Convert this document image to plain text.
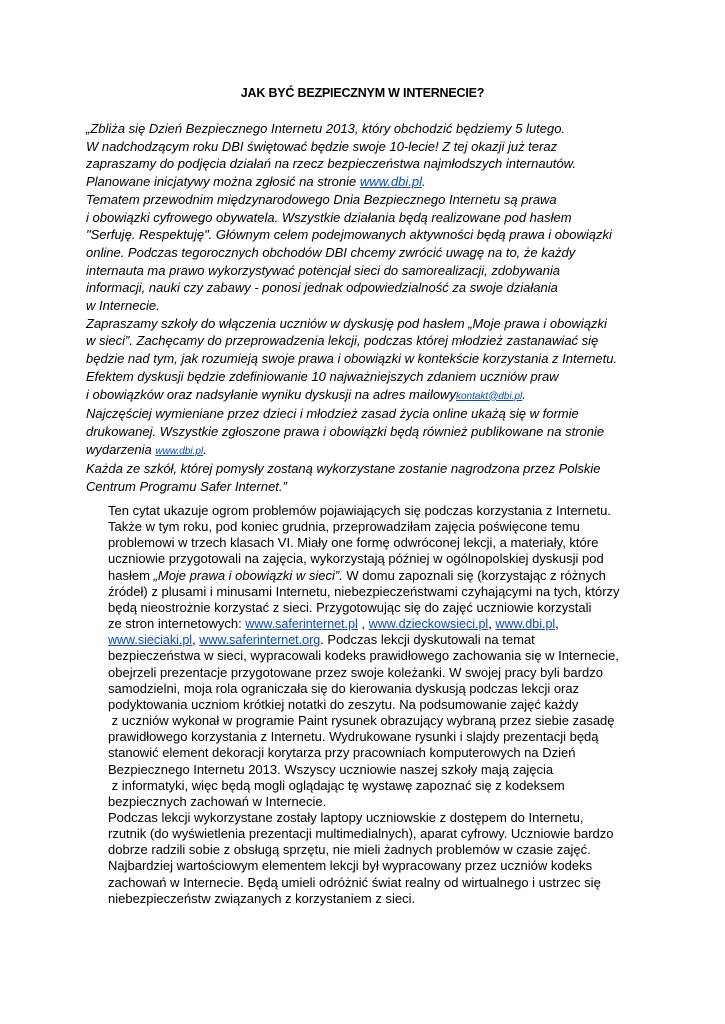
JAK BYĆ BEZPIECZNYM W INTERNECIE?
„Zbliża się Dzień Bezpiecznego Internetu 2013, który obchodzić będziemy 5 lutego.
W nadchodzącym roku DBI świętować będzie swoje 10-lecie! Z tej okazji już teraz
zapraszamy do podjęcia działań na rzecz bezpieczeństwa najmłodszych internautów.
Planowane inicjatywy można zgłosić na stronie www.dbi.pl.
Tematem przewodnim międzynarodowego Dnia Bezpiecznego Internetu są prawa
i obowiązki cyfrowego obywatela. Wszystkie działania będą realizowane pod hasłem
"Serfuję. Respektuję". Głównym celem podejmowanych aktywności będą prawa i obowiązki
online. Podczas tegorocznych obchodów DBI chcemy zwrócić uwagę na to, że każdy
internauta ma prawo wykorzystywać potencjał sieci do samorealizacji, zdobywania
informacji, nauki czy zabawy - ponosi jednak odpowiedzialność za swoje działania
w Internecie.
Zapraszamy szkoły do włączenia uczniów w dyskusję pod hasłem „Moje prawa i obowiązki
w sieci”. Zachęcamy do przeprowadzenia lekcji, podczas której młodzież zastanawiać się
będzie nad tym, jak rozumieją swoje prawa i obowiązki w kontekście korzystania z Internetu.
Efektem dyskusji będzie zdefiniowanie 10 najważniejszych zdaniem uczniów praw
i obowiązków oraz nadsyłanie wyniku dyskusji na adres mailowykontakt@dbi.pl.
Najczęściej wymieniane przez dzieci i młodzież zasad życia online ukażą się w formie
drukowanej. Wszystkie zgłoszone prawa i obowiązki będą również publikowane na stronie
wydarzenia www.dbi.pl.
Każda ze szkół, której pomysły zostaną wykorzystane zostanie nagrodzona przez Polskie
Centrum Programu Safer Internet.”
Ten cytat ukazuje ogrom problemów pojawiających się podczas korzystania z Internetu.
Także w tym roku, pod koniec grudnia, przeprowadziłam zajęcia poświęcone temu
problemowi w trzech klasach VI. Miały one formę odwróconej lekcji, a materiały, które
uczniowie przygotowali na zajęcia, wykorzystają później w ogólnopolskiej dyskusji pod
hasłem „Moje prawa i obowiązki w sieci”. W domu zapoznali się (korzystając z różnych
źródeł) z plusami i minusami Internetu, niebezpieczeństwami czyhającymi na tych, którzy
będą nieostrożnie korzystać z sieci. Przygotowując się do zajęć uczniowie korzystali
ze stron internetowych: www.saferinternet.pl , www.dzieckowsieci.pl, www.dbi.pl,
www.sieciaki.pl, www.saferinternet.org. Podczas lekcji dyskutowali na temat
bezpieczeństwa w sieci, wypracowali kodeks prawidłowego zachowania się w Internecie,
obejrzeli prezentacje przygotowane przez swoje koleżanki. W swojej pracy byli bardzo
samodzielni, moja rola ograniczała się do kierowania dyskusją podczas lekcji oraz
podyktowania uczniom krótkiej notatki do zeszytu. Na podsumowanie zajęć każdy
z uczniów wykonał w programie Paint rysunek obrazujący wybraną przez siebie zasadę
prawidłowego korzystania z Internetu. Wydrukowane rysunki i slajdy prezentacji będą
stanowić element dekoracji korytarza przy pracowniach komputerowych na Dzień
Bezpiecznego Internetu 2013. Wszyscy uczniowie naszej szkoły mają zajęcia
z informatyki, więc będą mogli oglądając tę wystawę zapoznać się z kodeksem
bezpiecznych zachowań w Internecie.
Podczas lekcji wykorzystane zostały laptopy uczniowskie z dostępem do Internetu,
rzutnik (do wyświetlenia prezentacji multimedialnych), aparat cyfrowy. Uczniowie bardzo
dobrze radzili sobie z obsługą sprzętu, nie mieli żadnych problemów w czasie zajęć.
Najbardziej wartościowym elementem lekcji był wypracowany przez uczniów kodeks
zachowań w Internecie. Będą umieli odróżnić świat realny od wirtualnego i ustrzec się
niebezpieczeństw związanych z korzystaniem z sieci.
